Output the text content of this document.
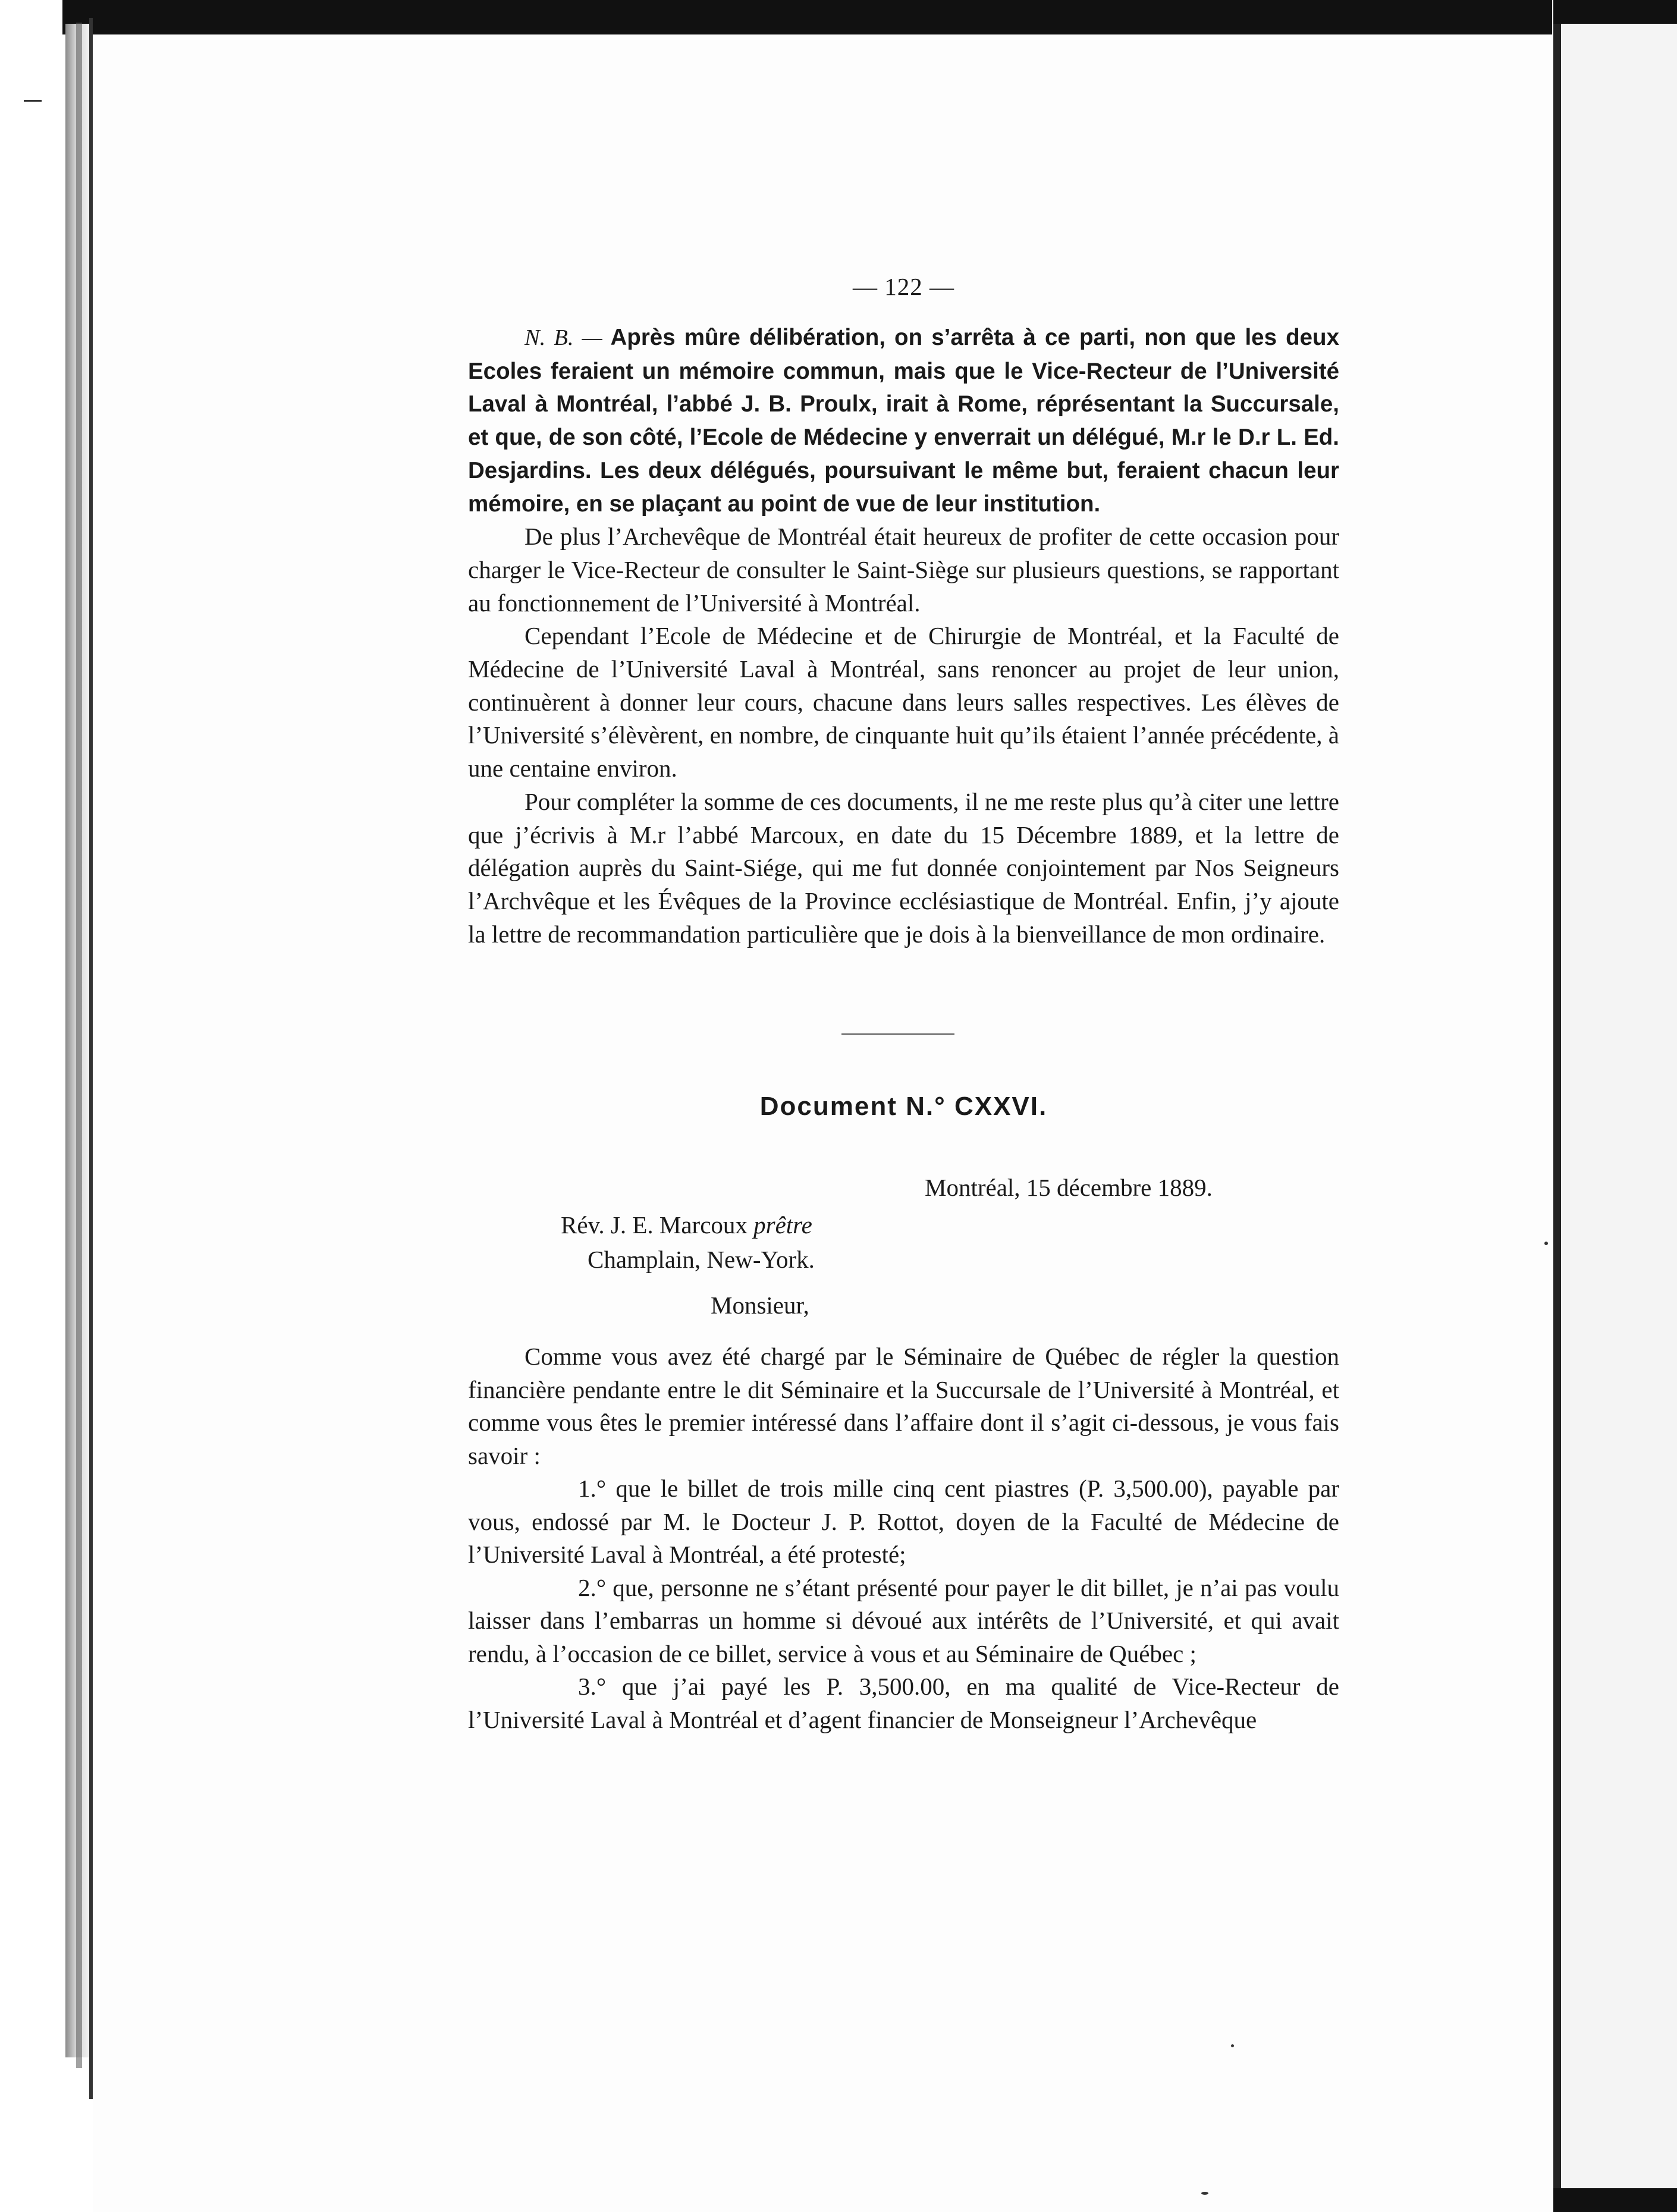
— 122 —

N. B. — Après mûre délibération, on s’arrêta à ce parti, non que les deux Ecoles feraient un mémoire commun, mais que le Vice-Recteur de l’Université Laval à Montréal, l’abbé J. B. Proulx, irait à Rome, réprésentant la Succursale, et que, de son côté, l’Ecole de Médecine y enverrait un délégué, M.r le D.r L. Ed. Desjardins. Les deux délégués, poursuivant le même but, feraient chacun leur mémoire, en se plaçant au point de vue de leur institution.

De plus l’Archevêque de Montréal était heureux de profiter de cette occasion pour charger le Vice-Recteur de consulter le Saint-Siège sur plusieurs questions, se rapportant au fonctionnement de l’Université à Montréal.

Cependant l’Ecole de Médecine et de Chirurgie de Montréal, et la Faculté de Médecine de l’Université Laval à Montréal, sans renoncer au projet de leur union, continuèrent à donner leur cours, chacune dans leurs salles respectives. Les élèves de l’Université s’élèvèrent, en nombre, de cinquante huit qu’ils étaient l’année précédente, à une centaine environ.

Pour compléter la somme de ces documents, il ne me reste plus qu’à citer une lettre que j’écrivis à M.r l’abbé Marcoux, en date du 15 Décembre 1889, et la lettre de délégation auprès du Saint-Siége, qui me fut donnée conjointement par Nos Seigneurs l’Archvêque et les Évêques de la Province ecclésiastique de Montréal. Enfin, j’y ajoute la lettre de recommandation particulière que je dois à la bienveillance de mon ordinaire.

Document N.° CXXVI.
Montréal, 15 décembre 1889.
Rév. J. E. Marcoux prêtre
Champlain, New-York.
Monsieur,

Comme vous avez été chargé par le Séminaire de Québec de régler la question financière pendante entre le dit Séminaire et la Succursale de l’Université à Montréal, et comme vous êtes le premier intéressé dans l’affaire dont il s’agit ci-dessous, je vous fais savoir :

1.° que le billet de trois mille cinq cent piastres (P. 3,500.00), payable par vous, endossé par M. le Docteur J. P. Rottot, doyen de la Faculté de Médecine de l’Université Laval à Montréal, a été protesté;

2.° que, personne ne s’étant présenté pour payer le dit billet, je n’ai pas voulu laisser dans l’embarras un homme si dévoué aux intérêts de l’Université, et qui avait rendu, à l’occasion de ce billet, service à vous et au Séminaire de Québec ;

3.° que j’ai payé les P. 3,500.00, en ma qualité de Vice-Recteur de l’Université Laval à Montréal et d’agent financier de Monseigneur l’Archevêque
